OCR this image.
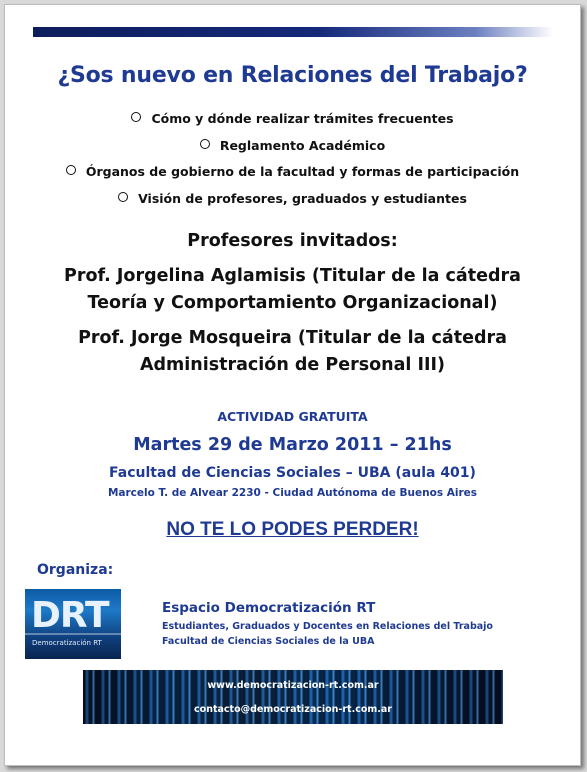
¿Sos nuevo en Relaciones del Trabajo?
Cómo y dónde realizar trámites frecuentes
Reglamento Académico
Órganos de gobierno de la facultad y formas de participación
Visión de profesores, graduados y estudiantes
Profesores invitados:
Prof. Jorgelina Aglamisis (Titular de la cátedra
Teoría y Comportamiento Organizacional)
Prof. Jorge Mosqueira (Titular de la cátedra
Administración de Personal III)
ACTIVIDAD GRATUITA
Martes 29 de Marzo 2011 – 21hs
Facultad de Ciencias Sociales – UBA (aula 401)
Marcelo T. de Alvear 2230 - Ciudad Autónoma de Buenos Aires
NO TE LO PODES PERDER!
Organiza:
DRT
Democratización RT
Espacio Democratización RT
Estudiantes, Graduados y Docentes en Relaciones del Trabajo
Facultad de Ciencias Sociales de la UBA
www.democratizacion-rt.com.ar
contacto@democratizacion-rt.com.ar
